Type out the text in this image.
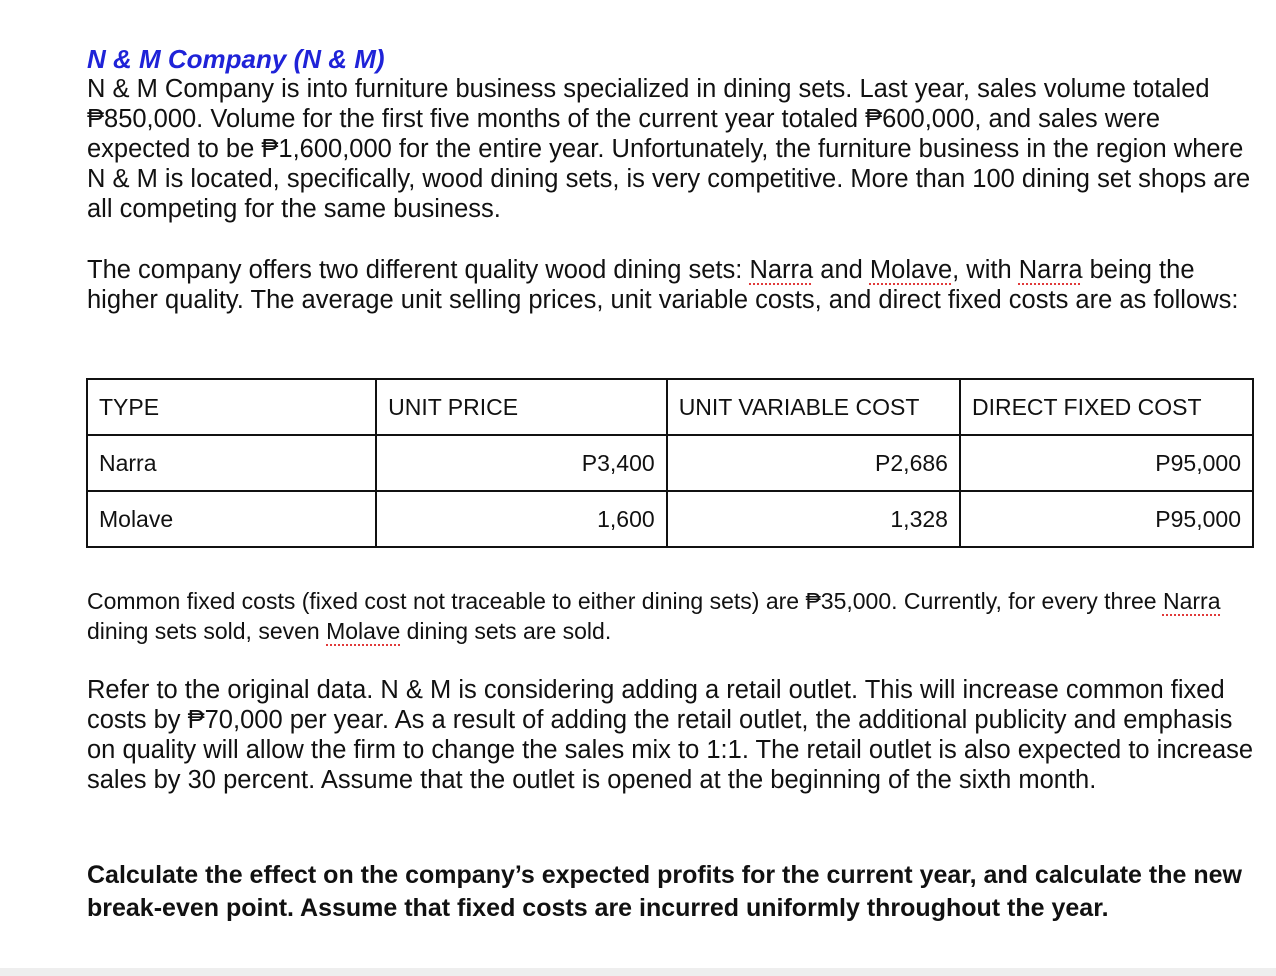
N & M Company (N & M)

N & M Company is into furniture business specialized in dining sets. Last year, sales volume totaled ₱850,000. Volume for the first five months of the current year totaled ₱600,000, and sales were expected to be ₱1,600,000 for the entire year. Unfortunately, the furniture business in the region where N & M is located, specifically, wood dining sets, is very competitive. More than 100 dining set shops are all competing for the same business.

The company offers two different quality wood dining sets: Narra and Molave, with Narra being the higher quality. The average unit selling prices, unit variable costs, and direct fixed costs are as follows:

TYPE	UNIT PRICE	UNIT VARIABLE COST	DIRECT FIXED COST
Narra	P3,400	P2,686	P95,000
Molave	1,600	1,328	P95,000

Common fixed costs (fixed cost not traceable to either dining sets) are ₱35,000. Currently, for every three Narra dining sets sold, seven Molave dining sets are sold.

Refer to the original data. N & M is considering adding a retail outlet. This will increase common fixed costs by ₱70,000 per year. As a result of adding the retail outlet, the additional publicity and emphasis on quality will allow the firm to change the sales mix to 1:1. The retail outlet is also expected to increase sales by 30 percent. Assume that the outlet is opened at the beginning of the sixth month.

Calculate the effect on the company’s expected profits for the current year, and calculate the new break-even point. Assume that fixed costs are incurred uniformly throughout the year.
